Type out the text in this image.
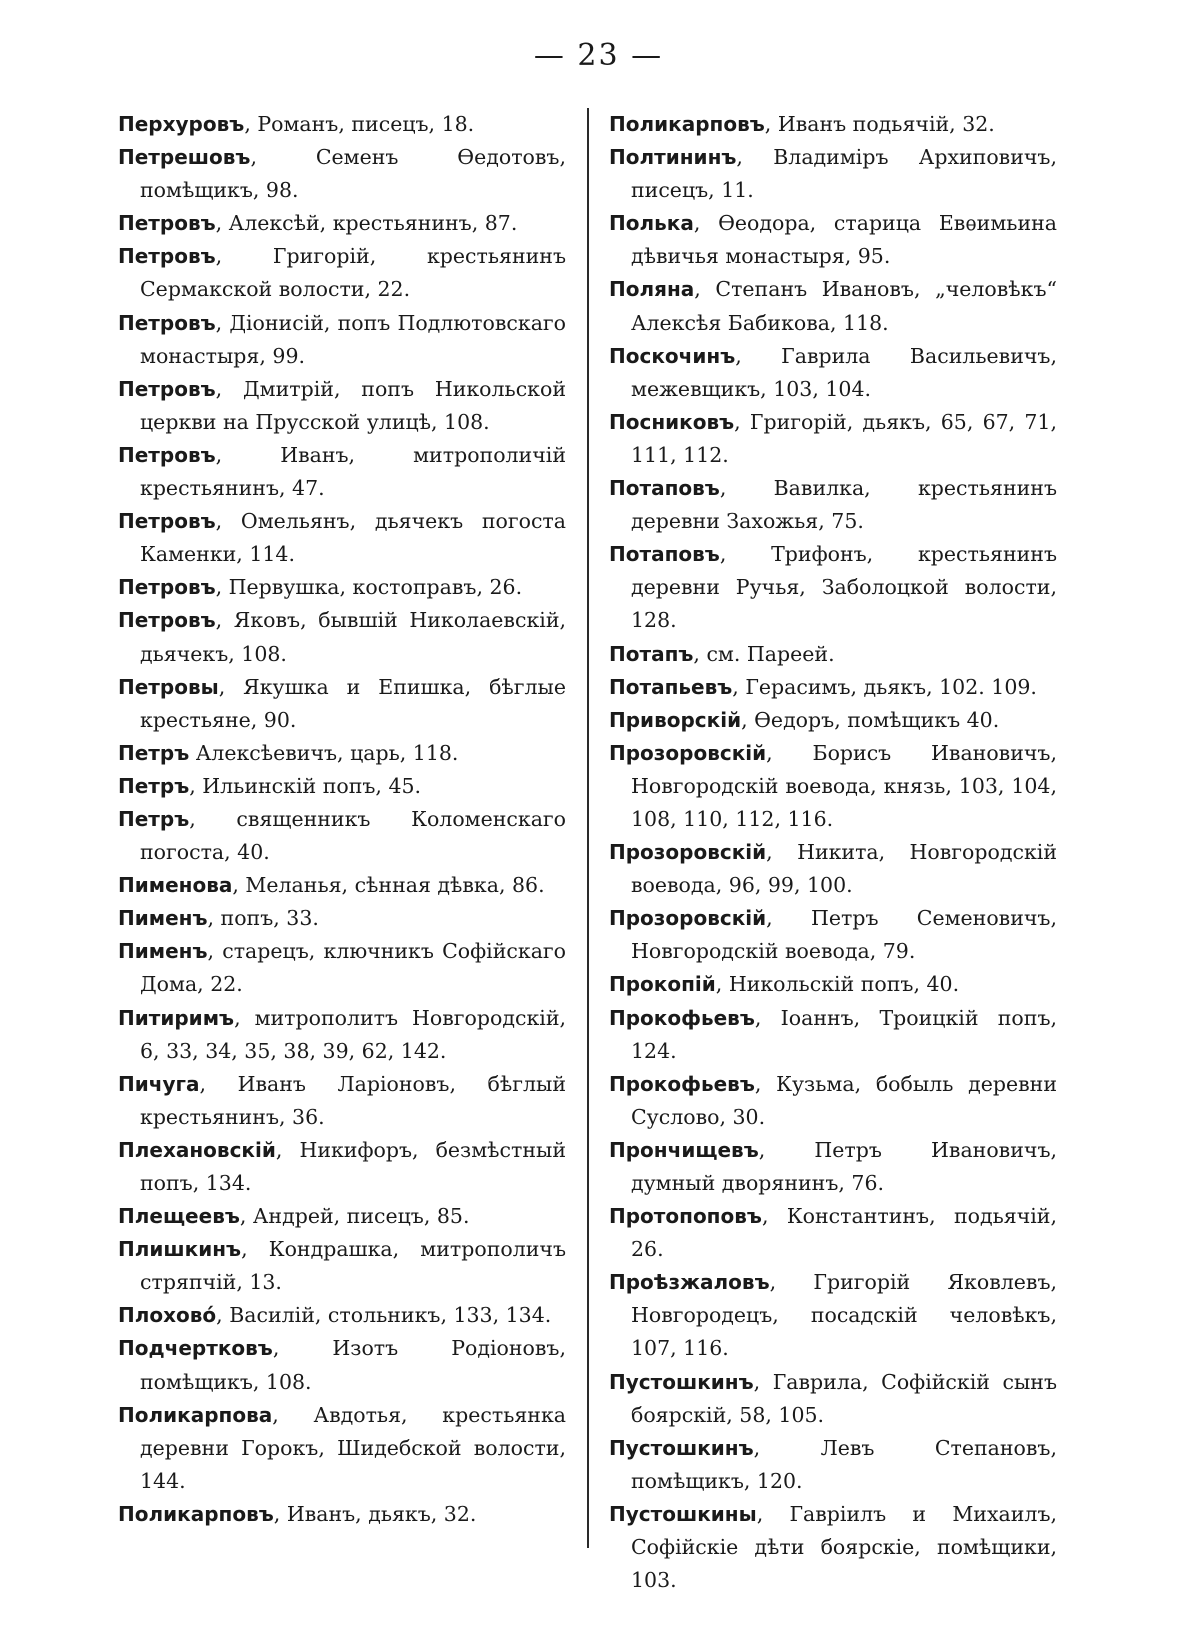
— 23 —

Перхуровъ, Романъ, писецъ, 18.

Петрешовъ, Семенъ Ѳедотовъ, помѣщикъ, 98.

Петровъ, Алексѣй, крестьянинъ, 87.

Петровъ, Григорій, крестьянинъ Сермакской волости, 22.

Петровъ, Діонисій, попъ Подлютовскаго монастыря, 99.

Петровъ, Дмитрій, попъ Никольской церкви на Прусской улицѣ, 108.

Петровъ, Иванъ, митрополичій крестьянинъ, 47.

Петровъ, Омельянъ, дьячекъ погоста Каменки, 114.

Петровъ, Первушка, костоправъ, 26.

Петровъ, Яковъ, бывшій Николаевскій, дьячекъ, 108.

Петровы, Якушка и Епишка, бѣглые крестьяне, 90.

Петръ Алексѣевичъ, царь, 118.

Петръ, Ильинскій попъ, 45.

Петръ, священникъ Коломенскаго погоста, 40.

Пименова, Меланья, сѣнная дѣвка, 86.

Пименъ, попъ, 33.

Пименъ, старецъ, ключникъ Софійскаго Дома, 22.

Питиримъ, митрополитъ Новгородскій, 6, 33, 34, 35, 38, 39, 62, 142.

Пичуга, Иванъ Ларіоновъ, бѣглый крестьянинъ, 36.

Плехановскій, Никифоръ, безмѣстный попъ, 134.

Плещеевъ, Андрей, писецъ, 85.

Плишкинъ, Кондрашка, митрополичъ стряпчій, 13.

Плохово́, Василій, стольникъ, 133, 134.

Подчертковъ, Изотъ Родіоновъ, помѣщикъ, 108.

Поликарпова, Авдотья, крестьянка деревни Горокъ, Шидебской волости, 144.

Поликарповъ, Иванъ, дьякъ, 32.

Поликарповъ, Иванъ подьячій, 32.

Полтининъ, Владиміръ Архиповичъ, писецъ, 11.

Полька, Ѳеодора, старица Евѳимьина дѣвичья монастыря, 95.

Поляна, Степанъ Ивановъ, „человѣкъ“ Алексѣя Бабикова, 118.

Поскочинъ, Гаврила Васильевичъ, межевщикъ, 103, 104.

Посниковъ, Григорій, дьякъ, 65, 67, 71, 111, 112.

Потаповъ, Вавилка, крестьянинъ деревни Захожья, 75.

Потаповъ, Трифонъ, крестьянинъ деревни Ручья, Заболоцкой волости, 128.

Потапъ, см. Пареей.

Потапьевъ, Герасимъ, дьякъ, 102. 109.

Приворскій, Ѳедоръ, помѣщикъ 40.

Прозоровскій, Борисъ Ивановичъ, Новгородскій воевода, князь, 103, 104, 108, 110, 112, 116.

Прозоровскій, Никита, Новгородскій воевода, 96, 99, 100.

Прозоровскій, Петръ Семеновичъ, Новгородскій воевода, 79.

Прокопій, Никольскій попъ, 40.

Прокофьевъ, Іоаннъ, Троицкій попъ, 124.

Прокофьевъ, Кузьма, бобыль деревни Суслово, 30.

Прончищевъ, Петръ Ивановичъ, думный дворянинъ, 76.

Протопоповъ, Константинъ, подьячій, 26.

Проѣзжаловъ, Григорій Яковлевъ, Новгородецъ, посадскій человѣкъ, 107, 116.

Пустошкинъ, Гаврила, Софійскій сынъ боярскій, 58, 105.

Пустошкинъ, Левъ Степановъ, помѣщикъ, 120.

Пустошкины, Гавріилъ и Михаилъ, Софійскіе дѣти боярскіе, помѣщики, 103.
